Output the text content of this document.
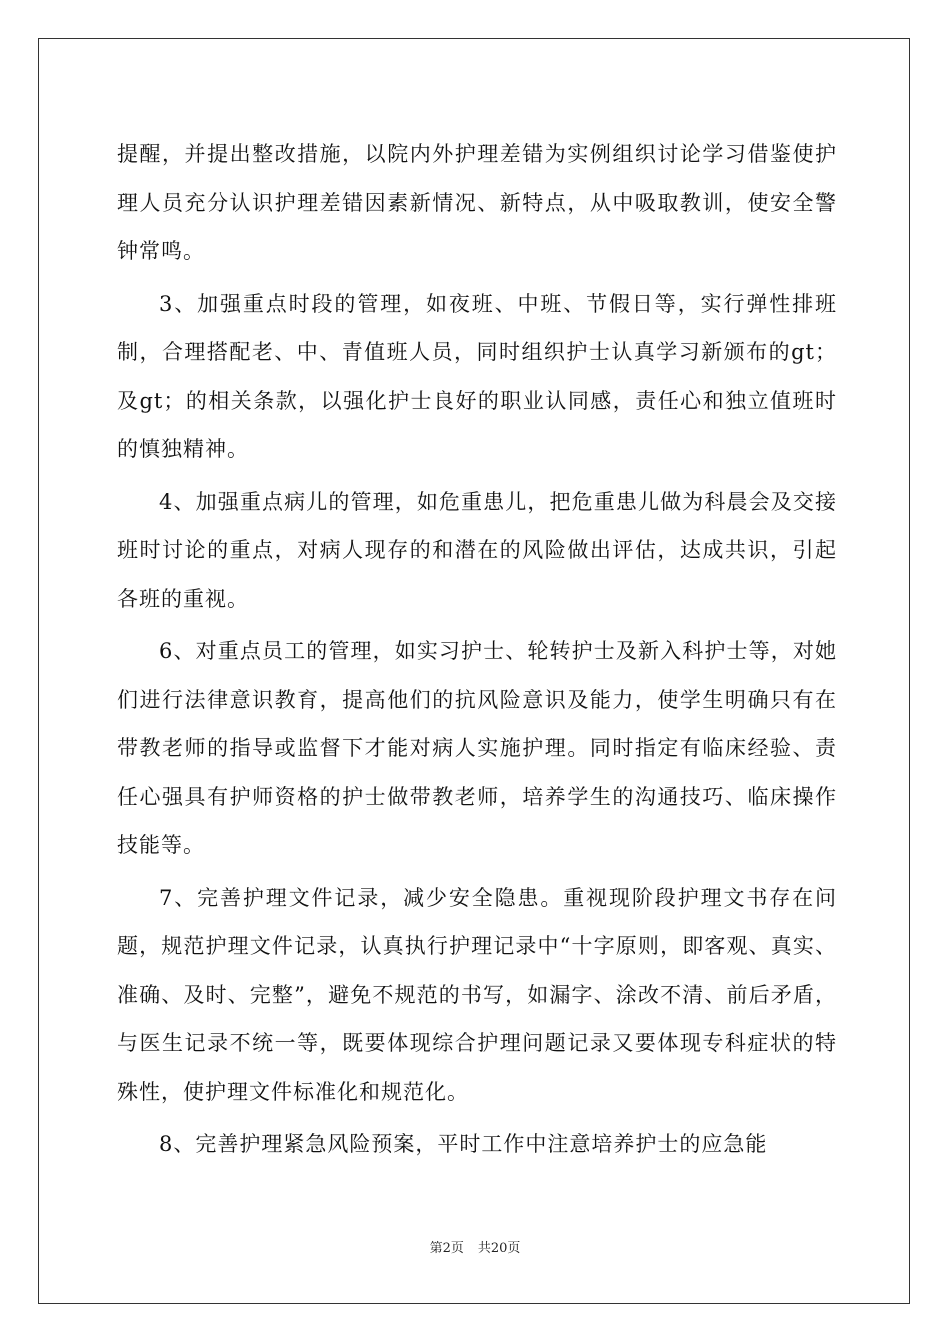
提醒，并提出整改措施，以院内外护理差错为实例组织讨论学习借鉴使护理人员充分认识护理差错因素新情况、新特点，从中吸取教训，使安全警钟常鸣。

3、加强重点时段的管理，如夜班、中班、节假日等，实行弹性排班制，合理搭配老、中、青值班人员，同时组织护士认真学习新颁布的gt；及gt；的相关条款，以强化护士良好的职业认同感，责任心和独立值班时的慎独精神。

4、加强重点病儿的管理，如危重患儿，把危重患儿做为科晨会及交接班时讨论的重点，对病人现存的和潜在的风险做出评估，达成共识，引起各班的重视。

6、对重点员工的管理，如实习护士、轮转护士及新入科护士等，对她们进行法律意识教育，提高他们的抗风险意识及能力，使学生明确只有在带教老师的指导或监督下才能对病人实施护理。同时指定有临床经验、责任心强具有护师资格的护士做带教老师，培养学生的沟通技巧、临床操作技能等。

7、完善护理文件记录，减少安全隐患。重视现阶段护理文书存在问题，规范护理文件记录，认真执行护理记录中“十字原则，即客观、真实、准确、及时、完整”，避免不规范的书写，如漏字、涂改不清、前后矛盾，与医生记录不统一等，既要体现综合护理问题记录又要体现专科症状的特殊性，使护理文件标准化和规范化。

8、完善护理紧急风险预案，平时工作中注意培养护士的应急能

第2页 共20页
